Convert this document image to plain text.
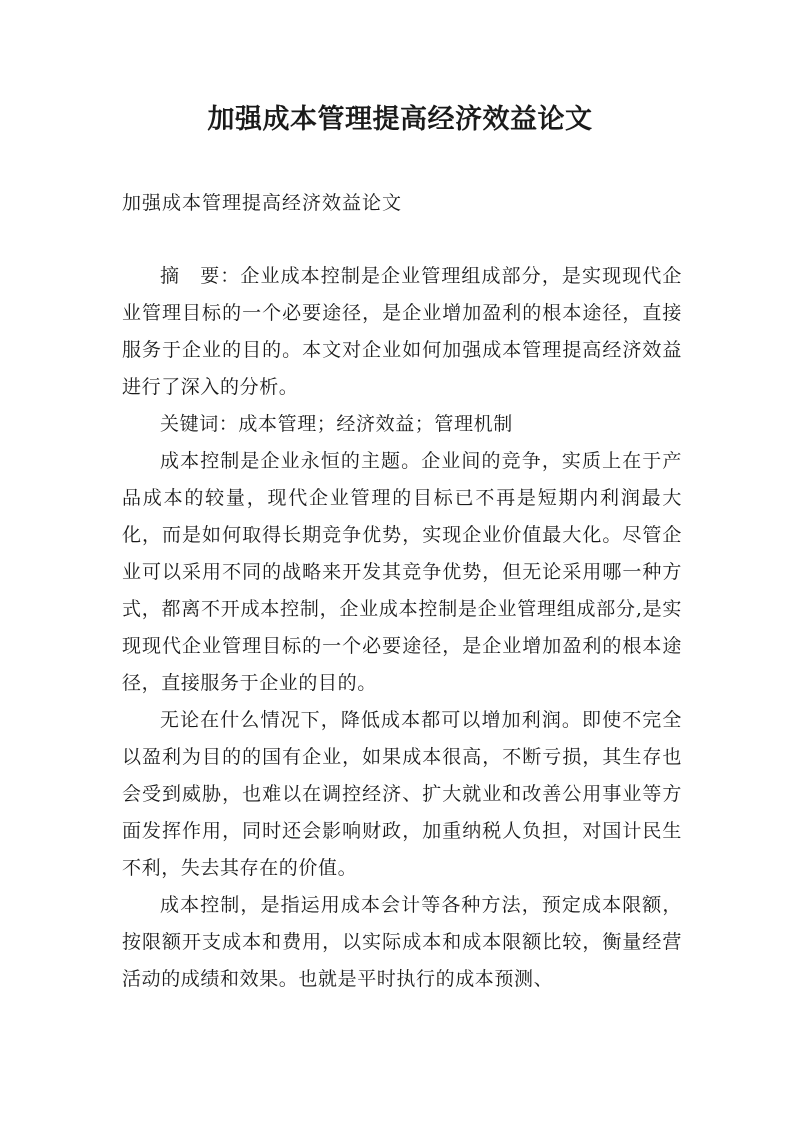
加强成本管理提高经济效益论文

加强成本管理提高经济效益论文

摘　要：企业成本控制是企业管理组成部分，是实现现代企业管理目标的一个必要途径，是企业增加盈利的根本途径，直接服务于企业的目的。本文对企业如何加强成本管理提高经济效益进行了深入的分析。

关键词：成本管理；经济效益；管理机制

成本控制是企业永恒的主题。企业间的竞争，实质上在于产品成本的较量，现代企业管理的目标已不再是短期内利润最大化，而是如何取得长期竞争优势，实现企业价值最大化。尽管企业可以采用不同的战略来开发其竞争优势，但无论采用哪一种方式，都离不开成本控制，企业成本控制是企业管理组成部分,是实现现代企业管理目标的一个必要途径，是企业增加盈利的根本途径，直接服务于企业的目的。

无论在什么情况下，降低成本都可以增加利润。即使不完全以盈利为目的的国有企业，如果成本很高，不断亏损，其生存也会受到威胁，也难以在调控经济、扩大就业和改善公用事业等方面发挥作用，同时还会影响财政，加重纳税人负担，对国计民生不利，失去其存在的价值。

成本控制，是指运用成本会计等各种方法，预定成本限额，按限额开支成本和费用，以实际成本和成本限额比较，衡量经营活动的成绩和效果。也就是平时执行的成本预测、
